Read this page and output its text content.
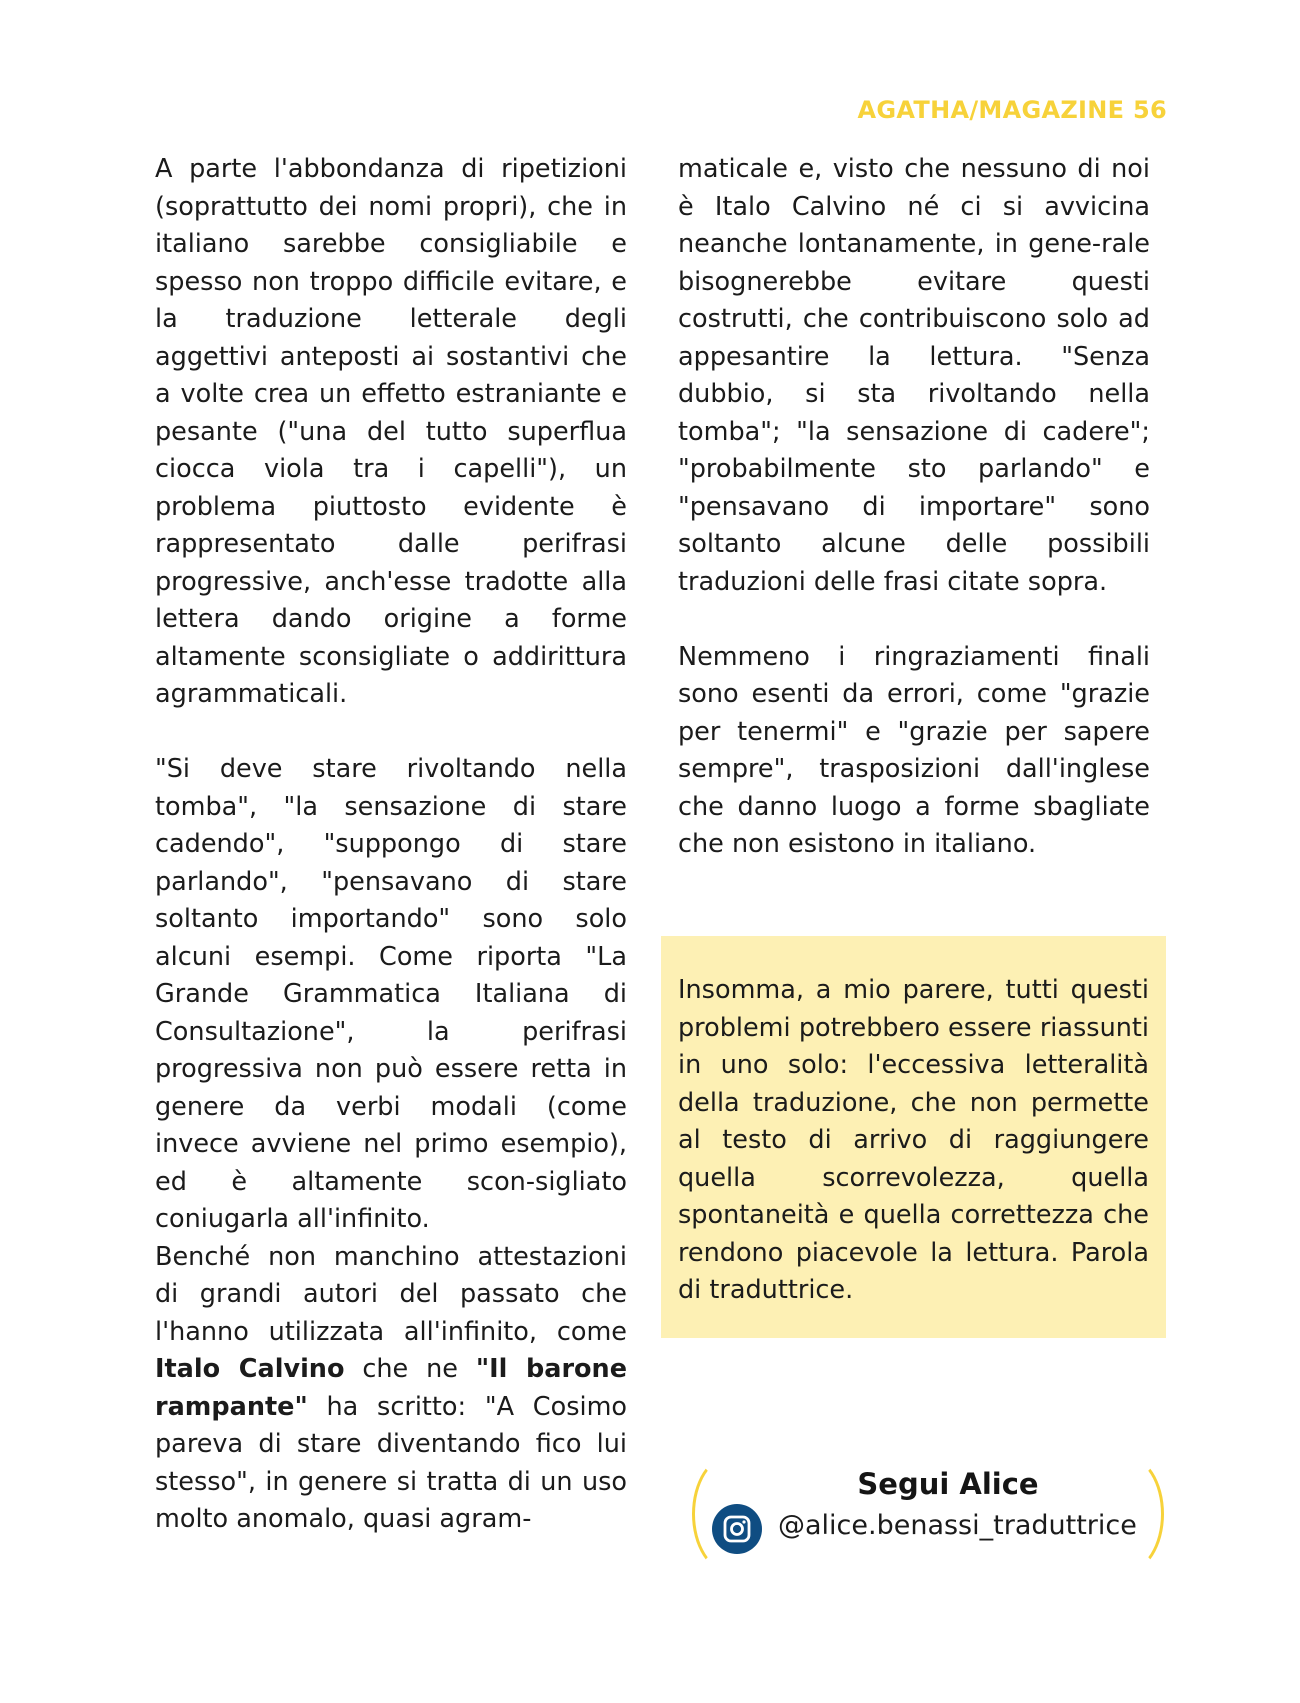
AGATHA/MAGAZINE 56

A parte l'abbondanza di ripetizioni (soprattutto dei nomi propri), che in italiano sarebbe consigliabile e spesso non troppo difficile evitare, e la traduzione letterale degli aggettivi anteposti ai sostantivi che a volte crea un effetto estraniante e pesante ("una del tutto superflua ciocca viola tra i capelli"), un problema piuttosto evidente è rappresentato dalle perifrasi progressive, anch'esse tradotte alla lettera dando origine a forme altamente sconsigliate o addirittura agrammaticali.

"Si deve stare rivoltando nella tomba", "la sensazione di stare cadendo", "suppongo di stare parlando", "pensavano di stare soltanto importando" sono solo alcuni esempi. Come riporta "La Grande Grammatica Italiana di Consultazione", la perifrasi progressiva non può essere retta in genere da verbi modali (come invece avviene nel primo esempio), ed è altamente scon-sigliato coniugarla all'infinito.

Benché non manchino attestazioni di grandi autori del passato che l'hanno utilizzata all'infinito, come Italo Calvino che ne "Il barone rampante" ha scritto: "A Cosimo pareva di stare diventando fico lui stesso", in genere si tratta di un uso molto anomalo, quasi agram-

maticale e, visto che nessuno di noi è Italo Calvino né ci si avvicina neanche lontanamente, in gene-rale bisognerebbe evitare questi costrutti, che contribuiscono solo ad appesantire la lettura. "Senza dubbio, si sta rivoltando nella tomba"; "la sensazione di cadere"; "probabilmente sto parlando" e "pensavano di importare" sono soltanto alcune delle possibili traduzioni delle frasi citate sopra.

Nemmeno i ringraziamenti finali sono esenti da errori, come "grazie per tenermi" e "grazie per sapere sempre", trasposizioni dall'inglese che danno luogo a forme sbagliate che non esistono in italiano.

Insomma, a mio parere, tutti questi problemi potrebbero essere riassunti in uno solo: l'eccessiva letteralità della traduzione, che non permette al testo di arrivo di raggiungere quella scorrevolezza, quella spontaneità e quella correttezza che rendono piacevole la lettura. Parola di traduttrice.

Segui Alice
@alice.benassi_traduttrice
